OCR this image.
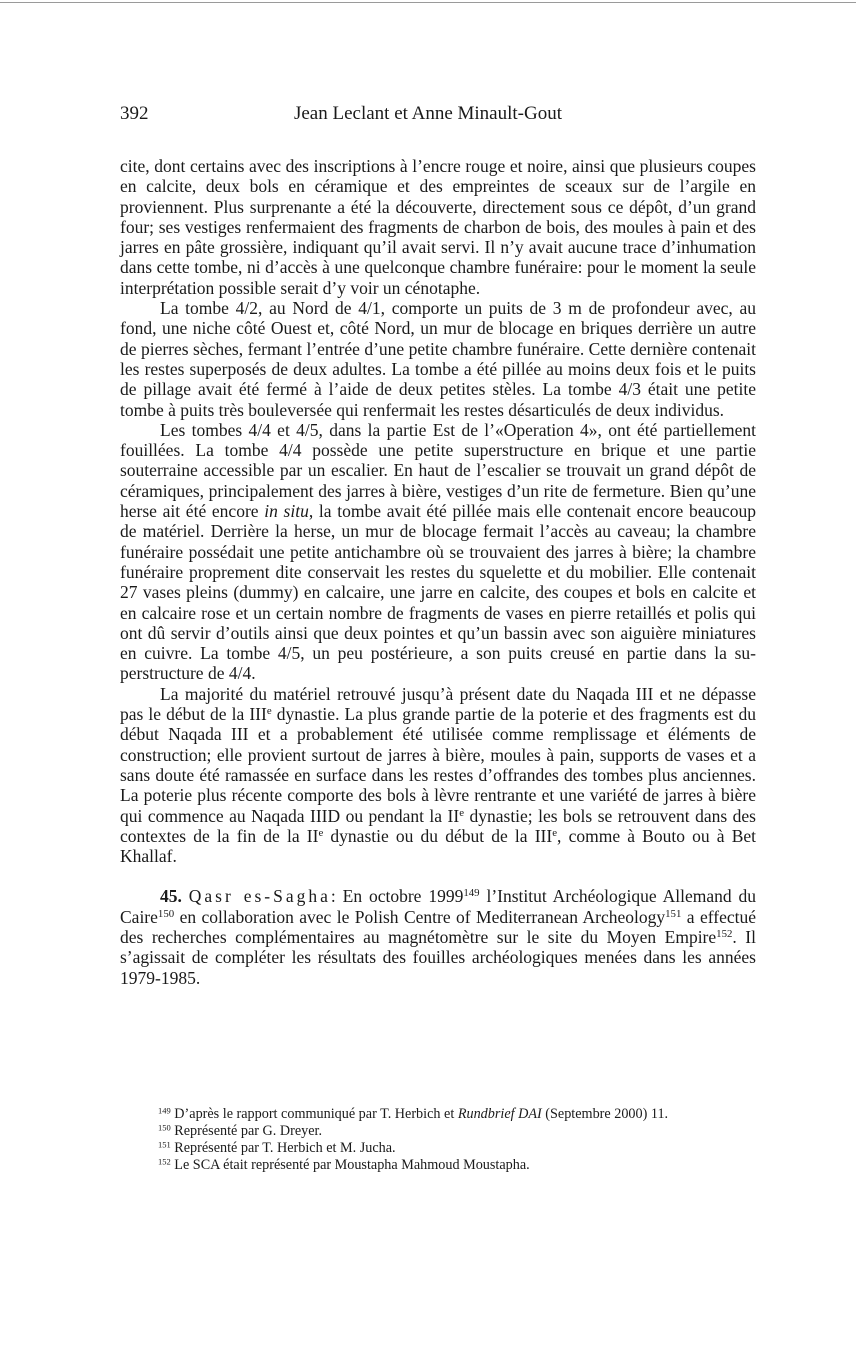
392	Jean Leclant et Anne Minault-Gout

cite, dont certains avec des inscriptions à l’encre rouge et noire, ainsi que plusieurs coupes en calcite, deux bols en céramique et des empreintes de sceaux sur de l’argile en proviennent. Plus surprenante a été la découverte, directement sous ce dépôt, d’un grand four; ses vestiges renfermaient des fragments de charbon de bois, des moules à pain et des jarres en pâte grossière, indiquant qu’il avait servi. Il n’y avait aucune trace d’inhumation dans cette tombe, ni d’accès à une quelconque chambre funéraire: pour le moment la seule interprétation possible serait d’y voir un cénotaphe.

La tombe 4/2, au Nord de 4/1, comporte un puits de 3 m de profondeur avec, au fond, une niche côté Ouest et, côté Nord, un mur de blocage en briques derrière un autre de pierres sèches, fermant l’entrée d’une petite chambre funéraire. Cette dernière contenait les restes superposés de deux adultes. La tombe a été pillée au moins deux fois et le puits de pillage avait été fermé à l’aide de deux petites stèles. La tombe 4/3 était une petite tombe à puits très bouleversée qui renfermait les restes désarticulés de deux individus.

Les tombes 4/4 et 4/5, dans la partie Est de l’«Operation 4», ont été partiellement fouillées. La tombe 4/4 possède une petite superstructure en brique et une partie souterraine accessible par un escalier. En haut de l’escalier se trouvait un grand dépôt de céramiques, principalement des jarres à bière, vestiges d’un rite de fermeture. Bien qu’une herse ait été encore in situ, la tombe avait été pillée mais elle contenait encore beaucoup de matériel. Derrière la herse, un mur de blocage fermait l’accès au caveau; la chambre funéraire possédait une petite antichambre où se trouvaient des jarres à bière; la chambre funéraire proprement dite conservait les restes du squelette et du mobilier. Elle contenait 27 vases pleins (dummy) en calcaire, une jarre en calcite, des coupes et bols en calcite et en calcaire rose et un certain nombre de fragments de vases en pierre retaillés et polis qui ont dû servir d’outils ainsi que deux pointes et qu’un bassin avec son aiguière miniatures en cuivre. La tombe 4/5, un peu postérieure, a son puits creusé en partie dans la superstructure de 4/4.

La majorité du matériel retrouvé jusqu’à présent date du Naqada III et ne dépasse pas le début de la IIIe dynastie. La plus grande partie de la poterie et des fragments est du début Naqada III et a probablement été utilisée comme remplissage et éléments de construction; elle provient surtout de jarres à bière, moules à pain, supports de vases et a sans doute été ramassée en surface dans les restes d’offrandes des tombes plus anciennes. La poterie plus récente comporte des bols à lèvre rentrante et une variété de jarres à bière qui commence au Naqada IIID ou pendant la IIe dynastie; les bols se retrouvent dans des contextes de la fin de la IIe dynastie ou du début de la IIIe, comme à Bouto ou à Bet Khallaf.

45. Qasr es-Sagha: En octobre 1999$^{149}$ l’Institut Archéologique Allemand du Caire$^{150}$ en collaboration avec le Polish Centre of Mediterranean Archeology$^{151}$ a effectué des recherches complémentaires au magnétomètre sur le site du Moyen Empire$^{152}$. Il s’agissait de compléter les résultats des fouilles archéologiques menées dans les années 1979-1985.

$^{149}$ D’après le rapport communiqué par T. Herbich et Rundbrief DAI (Septembre 2000) 11.
$^{150}$ Représenté par G. Dreyer.
$^{151}$ Représenté par T. Herbich et M. Jucha.
$^{152}$ Le SCA était représenté par Moustapha Mahmoud Moustapha.
